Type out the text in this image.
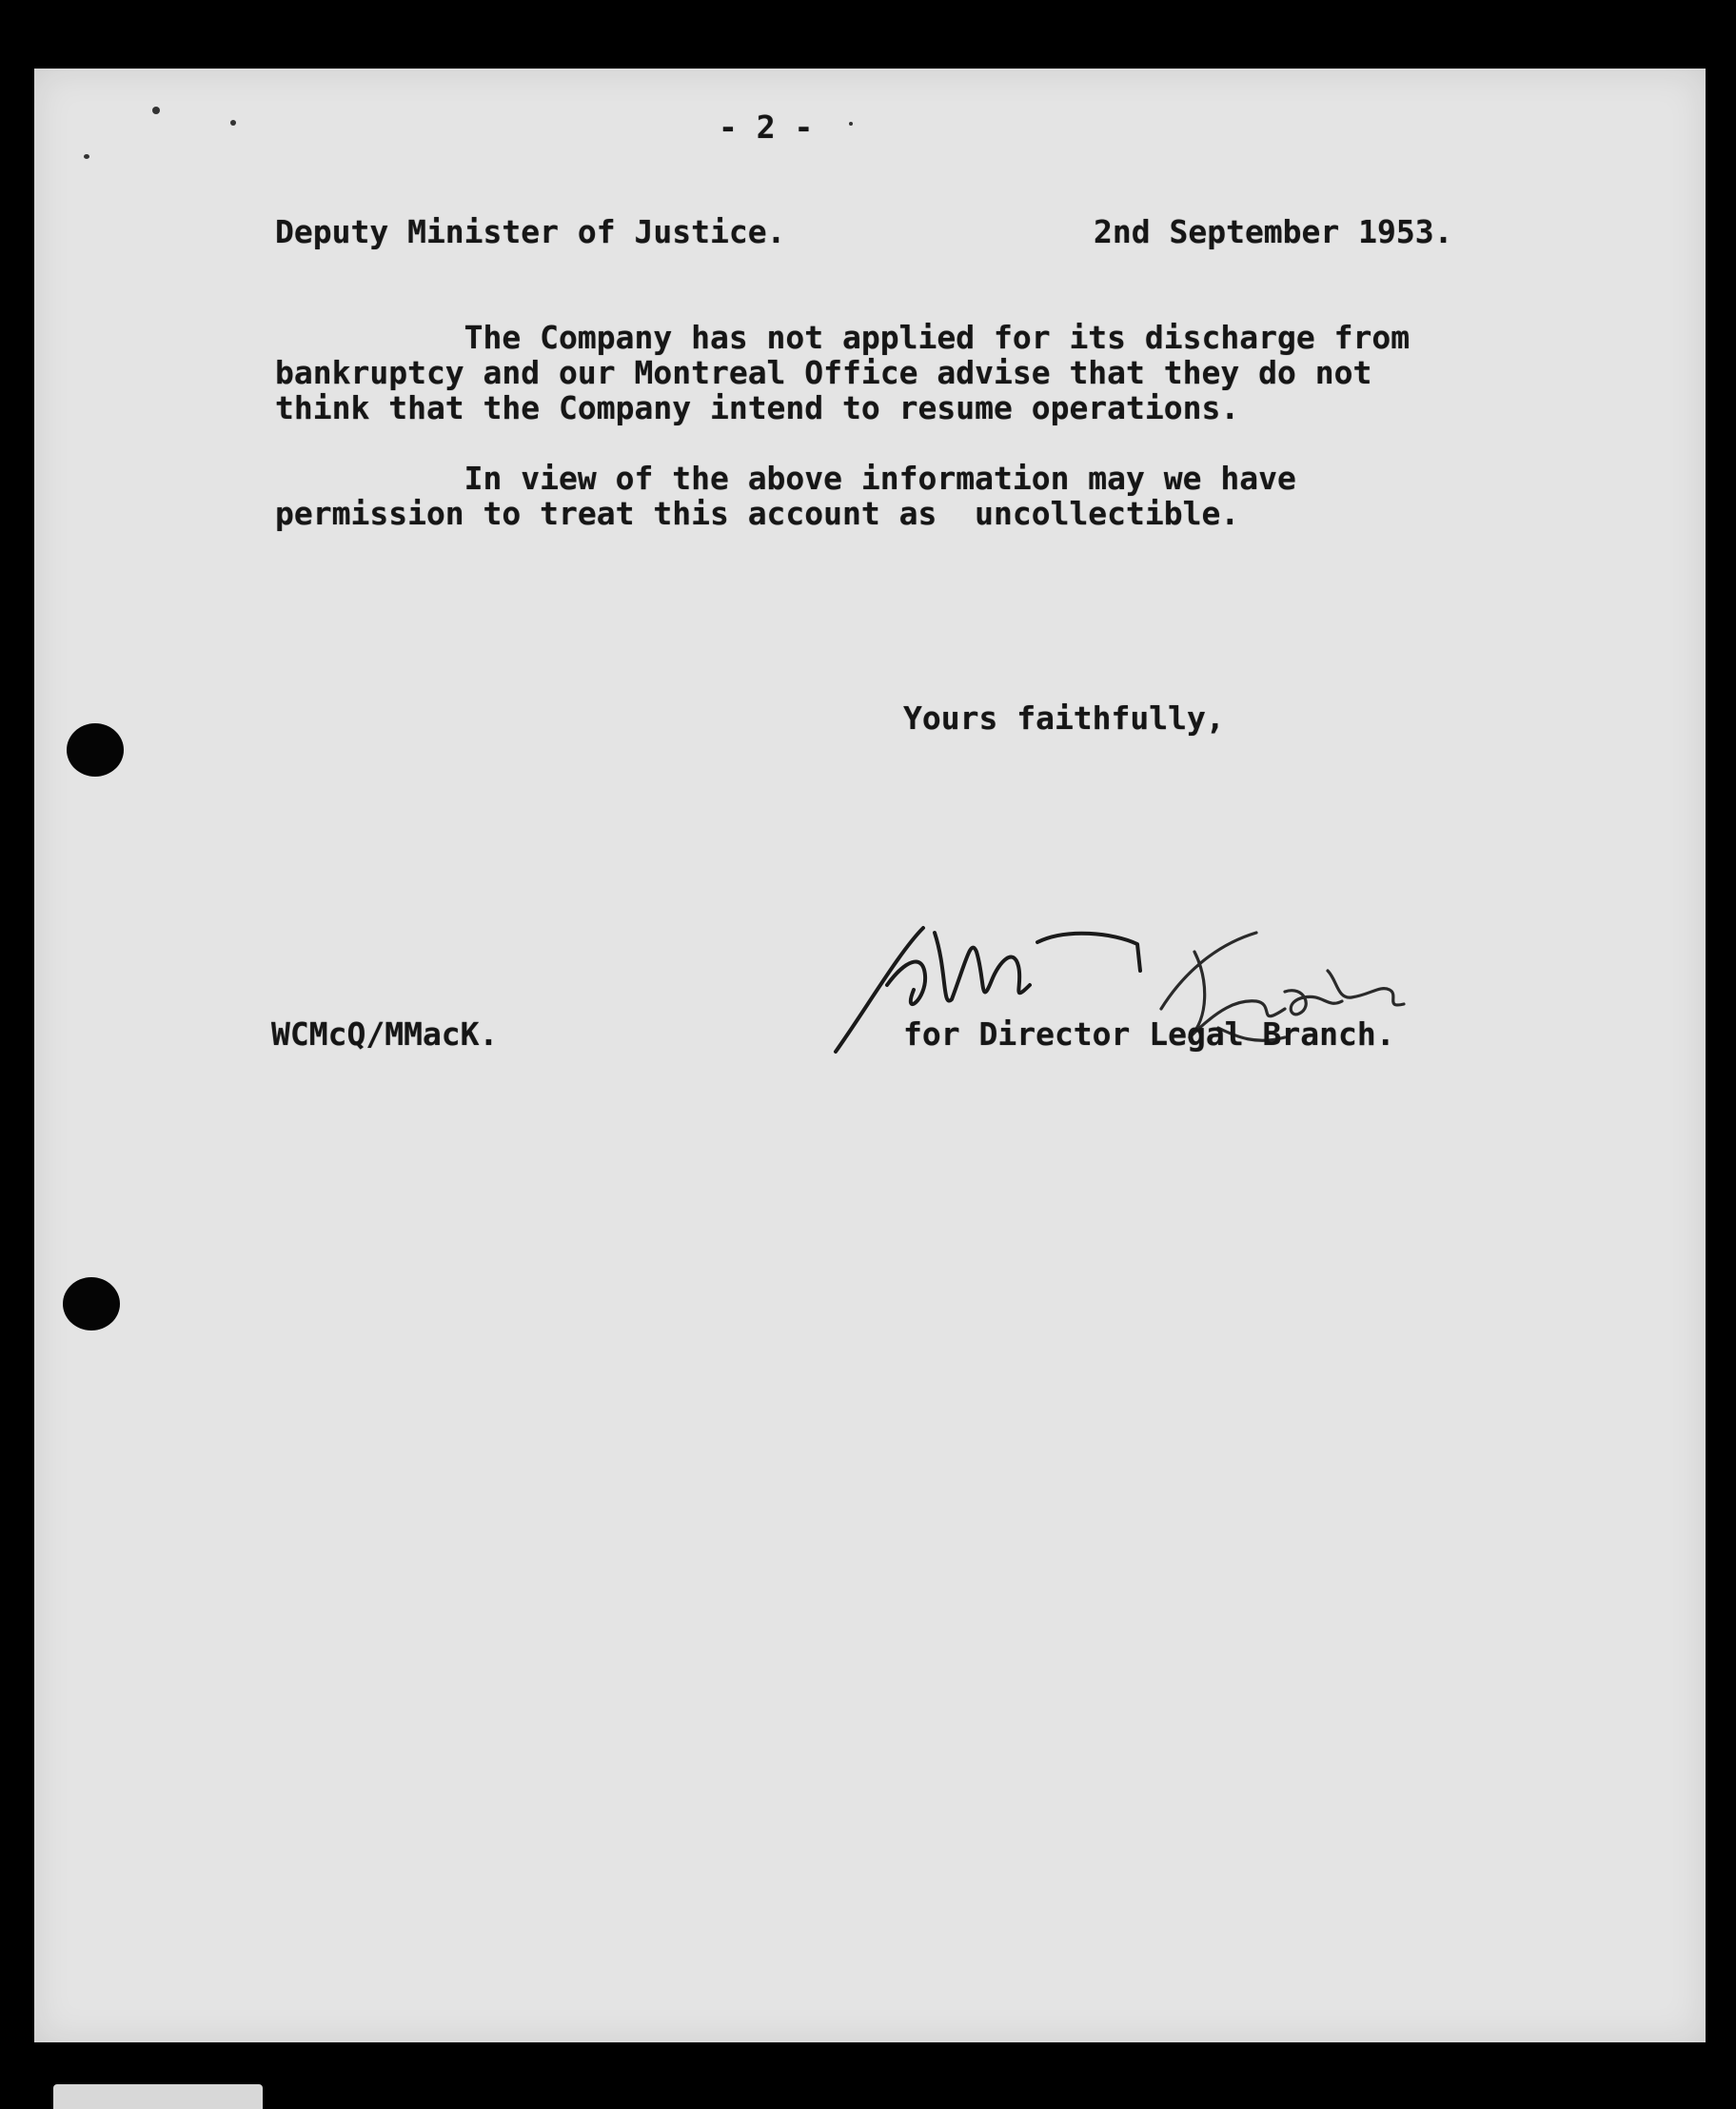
- 2 -
Deputy Minister of Justice.	2nd September 1953.
The Company has not applied for its discharge from
bankruptcy and our Montreal Office advise that they do not
think that the Company intend to resume operations.
In view of the above information may we have
permission to treat this account as  uncollectible.
Yours faithfully,
WCMcQ/MMacK.	for Director Legal Branch.
